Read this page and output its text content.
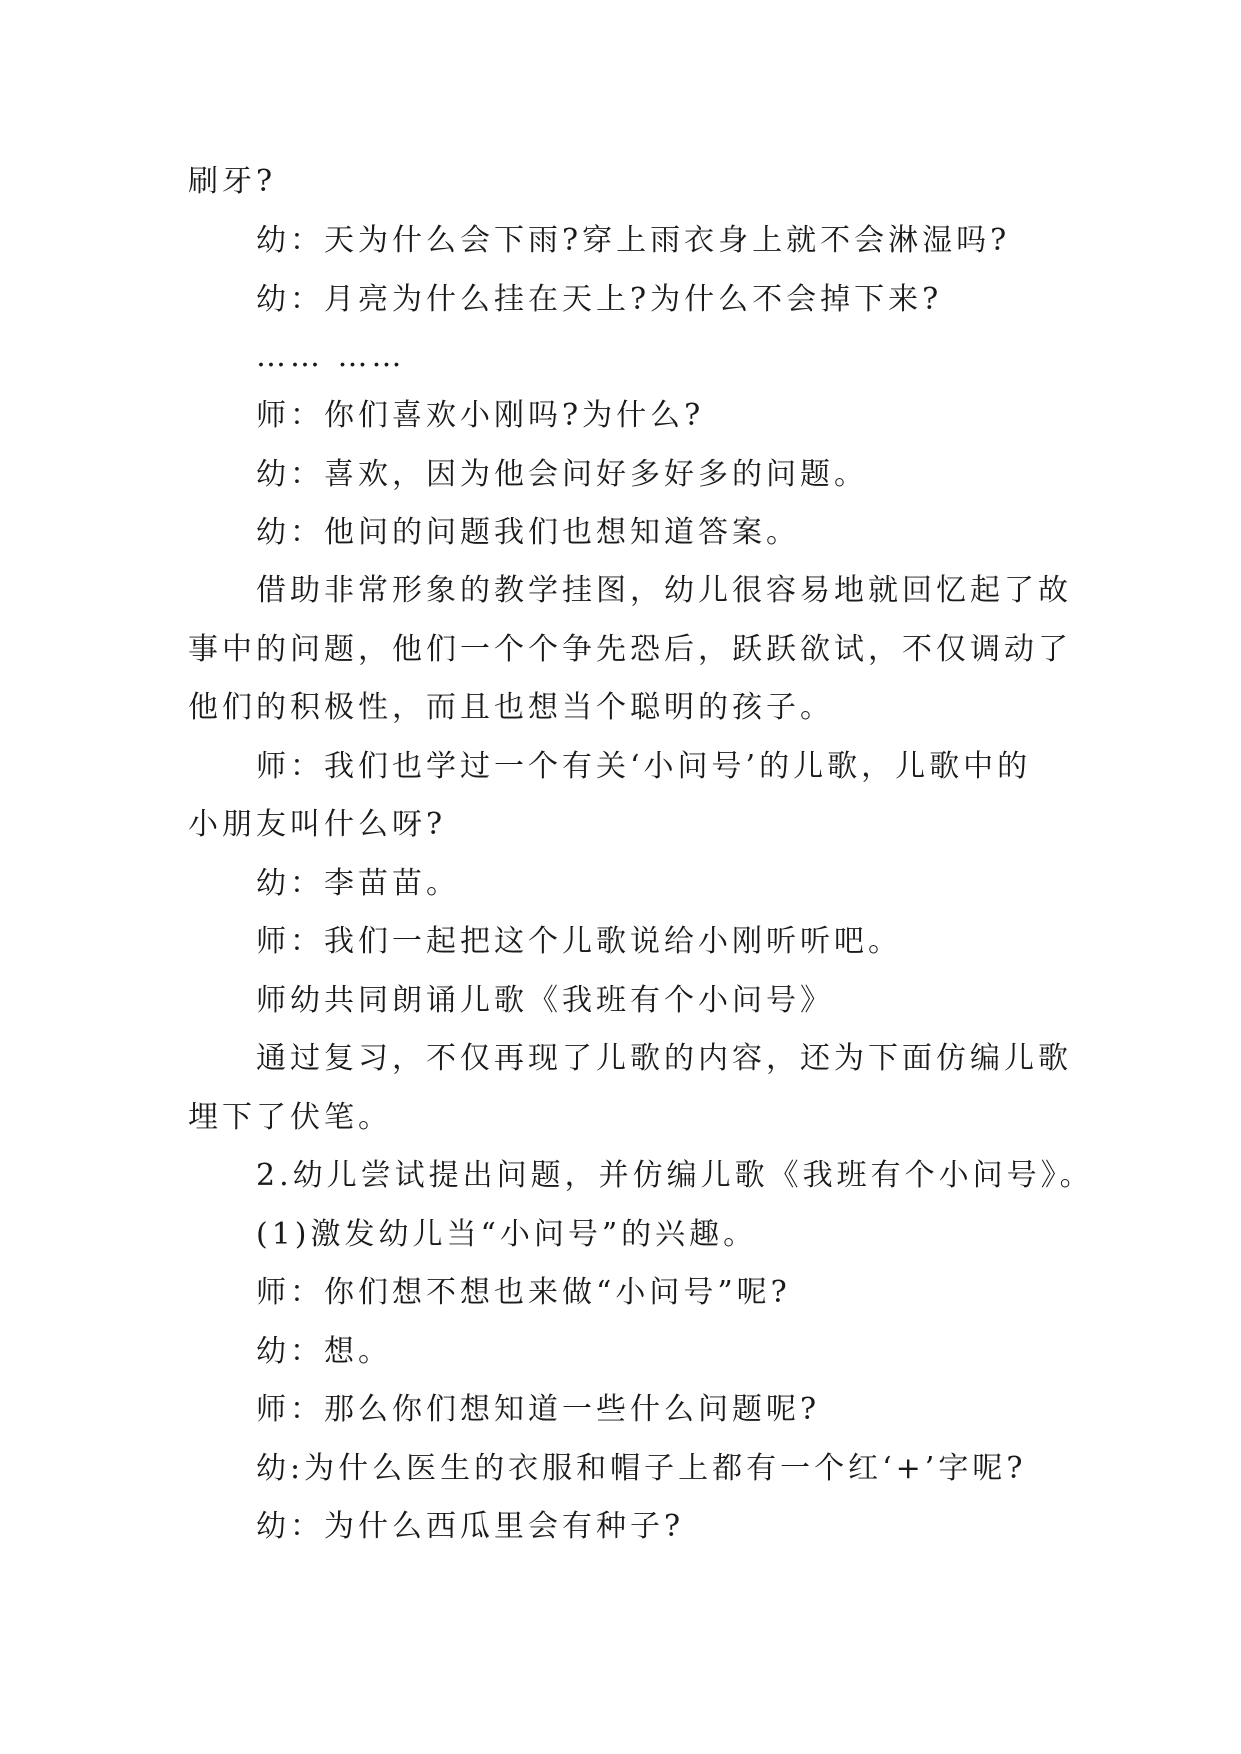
刷牙?
幼：天为什么会下雨?穿上雨衣身上就不会淋湿吗?
幼：月亮为什么挂在天上?为什么不会掉下来?
…… ……
师：你们喜欢小刚吗?为什么?
幼：喜欢，因为他会问好多好多的问题。
幼：他问的问题我们也想知道答案。
借助非常形象的教学挂图，幼儿很容易地就回忆起了故
事中的问题，他们一个个争先恐后，跃跃欲试，不仅调动了
他们的积极性，而且也想当个聪明的孩子。
师：我们也学过一个有关‘小问号’的儿歌，儿歌中的
小朋友叫什么呀?
幼：李苗苗。
师：我们一起把这个儿歌说给小刚听听吧。
师幼共同朗诵儿歌《我班有个小问号》
通过复习，不仅再现了儿歌的内容，还为下面仿编儿歌
埋下了伏笔。
2.幼儿尝试提出问题，并仿编儿歌《我班有个小问号》。
(1)激发幼儿当“小问号”的兴趣。
师：你们想不想也来做“小问号”呢?
幼：想。
师：那么你们想知道一些什么问题呢?
幼:为什么医生的衣服和帽子上都有一个红‘+’字呢?
幼：为什么西瓜里会有种子?
